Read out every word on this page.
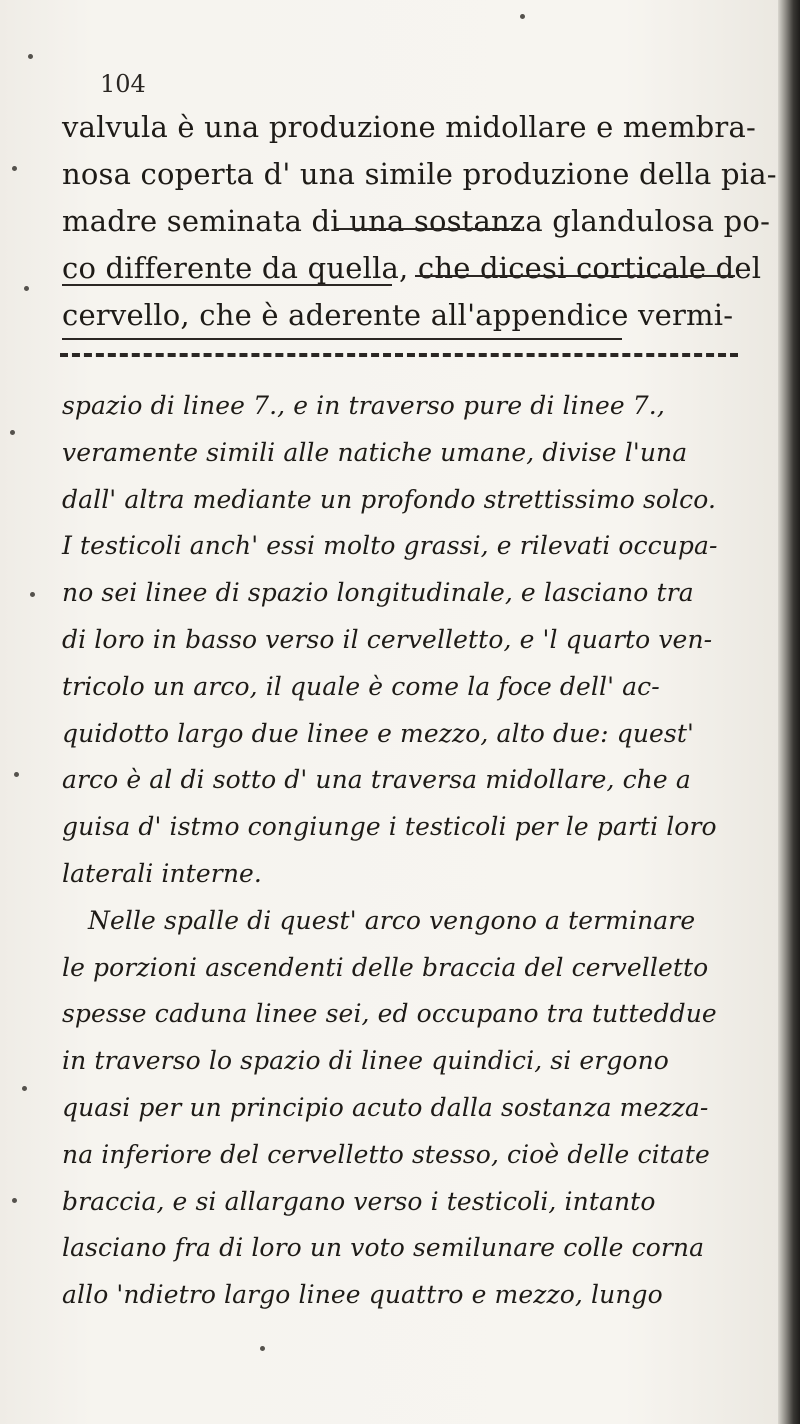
104
valvula è una produzione midollare e membra-
nosa coperta d' una simile produzione della pia-
madre seminata di una sostanza glandulosa po-
co differente da quella, che dicesi corticale del
cervello, che è aderente all'appendice vermi-
spazio di linee 7., e in traverso pure di linee 7.,
veramente simili alle natiche umane, divise l'una
dall' altra mediante un profondo strettissimo solco.
I testicoli anch' essi molto grassi, e rilevati occupa-
no sei linee di spazio longitudinale, e lasciano tra
di loro in basso verso il cervelletto, e 'l quarto ven-
tricolo un arco, il quale è come la foce dell' ac-
quidotto largo due linee e mezzo, alto due: quest'
arco è al di sotto d' una traversa midollare, che a
guisa d' istmo congiunge i testicoli per le parti loro
laterali interne.
Nelle spalle di quest' arco vengono a terminare
le porzioni ascendenti delle braccia del cervelletto
spesse caduna linee sei, ed occupano tra tutteddue
in traverso lo spazio di linee quindici, si ergono
quasi per un principio acuto dalla sostanza mezza-
na inferiore del cervelletto stesso, cioè delle citate
braccia, e si allargano verso i testicoli, intanto
lasciano fra di loro un voto semilunare colle corna
allo 'ndietro largo linee quattro e mezzo, lungo
